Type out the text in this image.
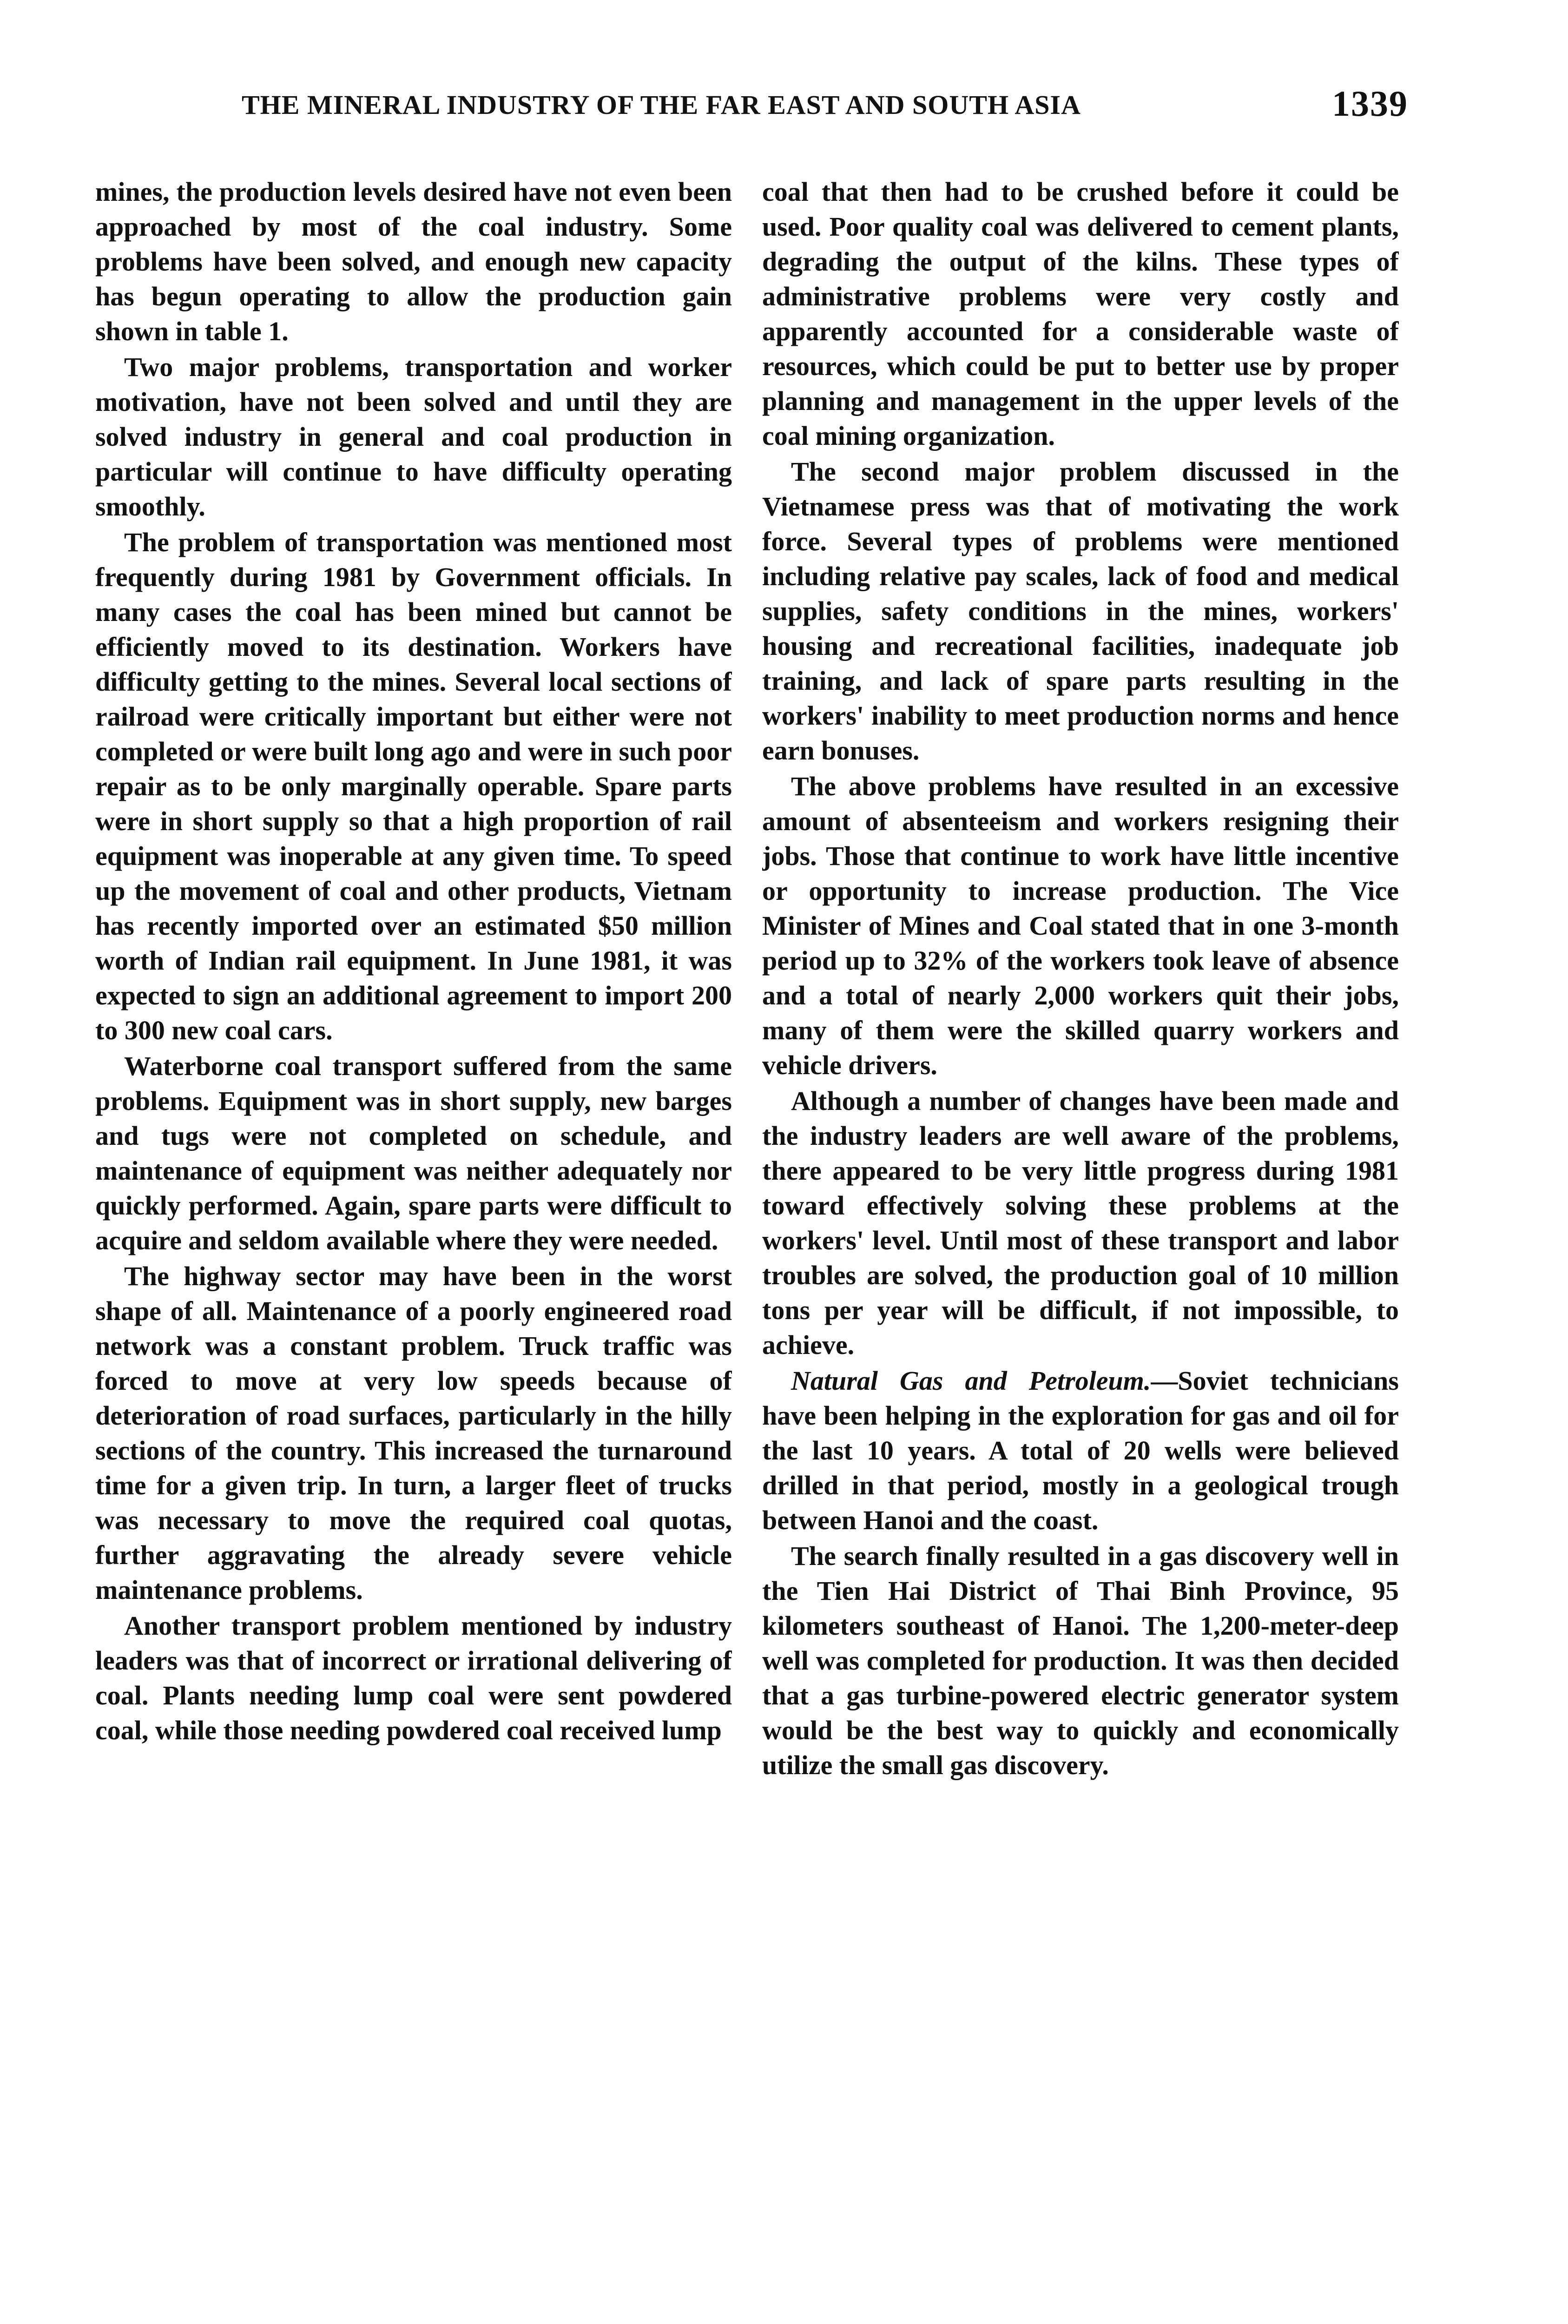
THE MINERAL INDUSTRY OF THE FAR EAST AND SOUTH ASIA	1339

mines, the production levels desired have not even been approached by most of the coal industry. Some problems have been solved, and enough new capacity has begun operating to allow the production gain shown in table 1.

Two major problems, transportation and worker motivation, have not been solved and until they are solved industry in general and coal production in particular will continue to have difficulty operating smoothly.

The problem of transportation was mentioned most frequently during 1981 by Government officials. In many cases the coal has been mined but cannot be efficiently moved to its destination. Workers have difficulty getting to the mines. Several local sections of railroad were critically important but either were not completed or were built long ago and were in such poor repair as to be only marginally operable. Spare parts were in short supply so that a high proportion of rail equipment was inoperable at any given time. To speed up the movement of coal and other products, Vietnam has recently imported over an estimated $50 million worth of Indian rail equipment. In June 1981, it was expected to sign an additional agreement to import 200 to 300 new coal cars.

Waterborne coal transport suffered from the same problems. Equipment was in short supply, new barges and tugs were not completed on schedule, and maintenance of equipment was neither adequately nor quickly performed. Again, spare parts were difficult to acquire and seldom available where they were needed.

The highway sector may have been in the worst shape of all. Maintenance of a poorly engineered road network was a constant problem. Truck traffic was forced to move at very low speeds because of deterioration of road surfaces, particularly in the hilly sections of the country. This increased the turnaround time for a given trip. In turn, a larger fleet of trucks was necessary to move the required coal quotas, further aggravating the already severe vehicle maintenance problems.

Another transport problem mentioned by industry leaders was that of incorrect or irrational delivering of coal. Plants needing lump coal were sent powdered coal, while those needing powdered coal received lump

coal that then had to be crushed before it could be used. Poor quality coal was delivered to cement plants, degrading the output of the kilns. These types of administrative problems were very costly and apparently accounted for a considerable waste of resources, which could be put to better use by proper planning and management in the upper levels of the coal mining organization.

The second major problem discussed in the Vietnamese press was that of motivating the work force. Several types of problems were mentioned including relative pay scales, lack of food and medical supplies, safety conditions in the mines, workers' housing and recreational facilities, inadequate job training, and lack of spare parts resulting in the workers' inability to meet production norms and hence earn bonuses.

The above problems have resulted in an excessive amount of absenteeism and workers resigning their jobs. Those that continue to work have little incentive or opportunity to increase production. The Vice Minister of Mines and Coal stated that in one 3-month period up to 32% of the workers took leave of absence and a total of nearly 2,000 workers quit their jobs, many of them were the skilled quarry workers and vehicle drivers.

Although a number of changes have been made and the industry leaders are well aware of the problems, there appeared to be very little progress during 1981 toward effectively solving these problems at the workers' level. Until most of these transport and labor troubles are solved, the production goal of 10 million tons per year will be difficult, if not impossible, to achieve.

Natural Gas and Petroleum.—Soviet technicians have been helping in the exploration for gas and oil for the last 10 years. A total of 20 wells were believed drilled in that period, mostly in a geological trough between Hanoi and the coast.

The search finally resulted in a gas discovery well in the Tien Hai District of Thai Binh Province, 95 kilometers southeast of Hanoi. The 1,200-meter-deep well was completed for production. It was then decided that a gas turbine-powered electric generator system would be the best way to quickly and economically utilize the small gas discovery.
